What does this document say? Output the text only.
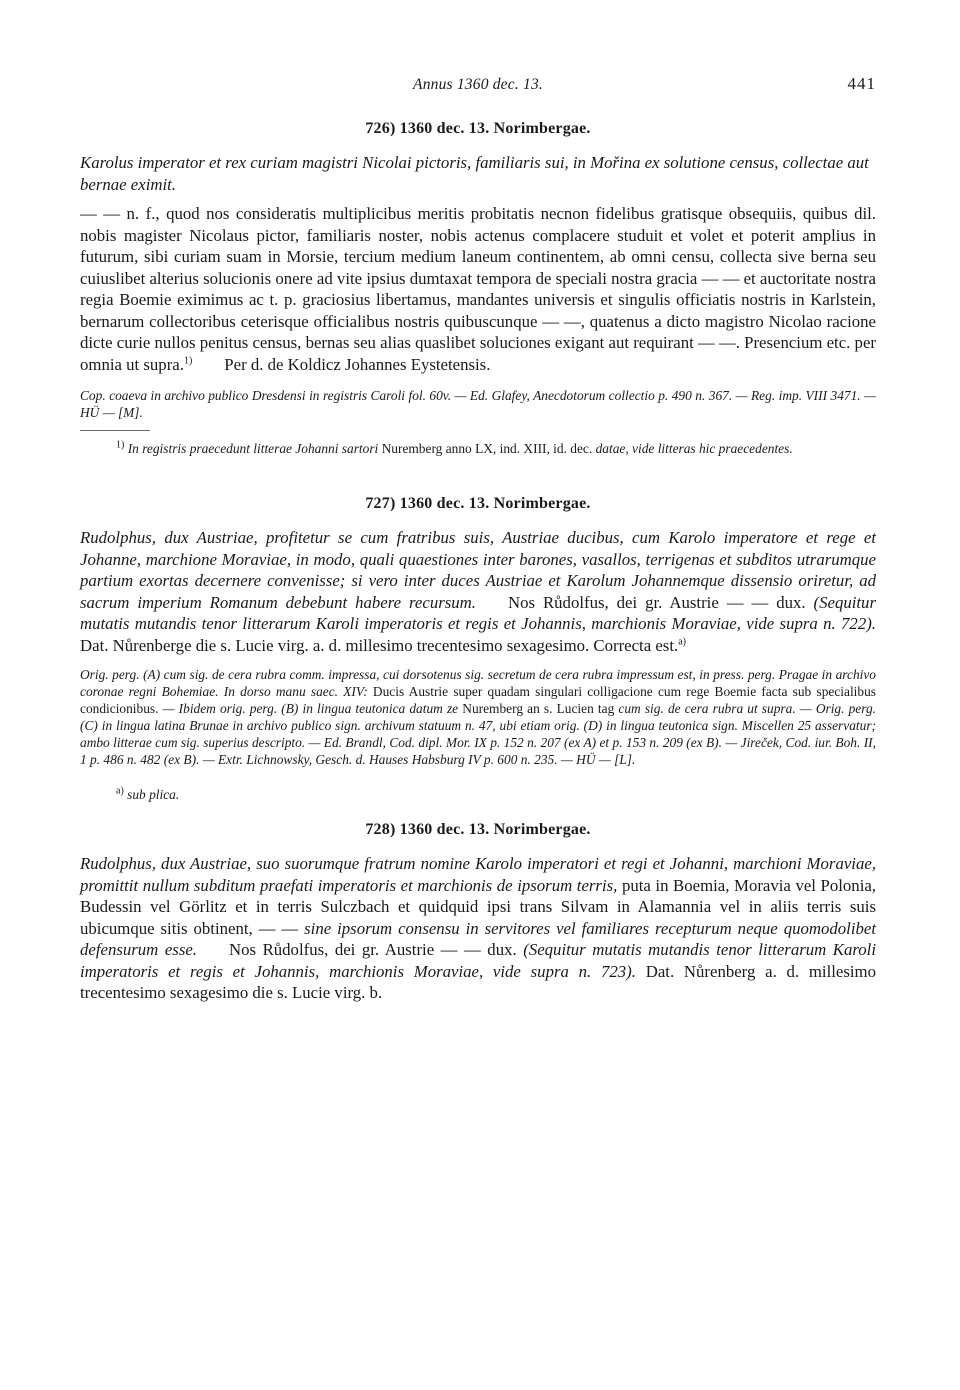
Annus 1360 dec. 13.	441

726) 1360 dec. 13. Norimbergae.

Karolus imperator et rex curiam magistri Nicolai pictoris, familiaris sui, in Mořina ex solutione census, collectae aut bernae eximit.

— — n. f., quod nos consideratis multiplicibus meritis probitatis necnon fidelibus gratisque obsequiis, quibus dil. nobis magister Nicolaus pictor, familiaris noster, nobis actenus complacere studuit et volet et poterit amplius in futurum, sibi curiam suam in Morsie, tercium medium laneum continentem, ab omni censu, collecta sive berna seu cuiuslibet alterius solucionis onere ad vite ipsius dumtaxat tempora de speciali nostra gracia — — et auctoritate nostra regia Boemie eximimus ac t. p. graciosius libertamus, mandantes universis et singulis officiatis nostris in Karlstein, bernarum collectoribus ceterisque officialibus nostris quibuscunque — —, quatenus a dicto magistro Nicolao racione dicte curie nullos penitus census, bernas seu alias quaslibet soluciones exigant aut requirant — —. Presencium etc. per omnia ut supra.$^{1)}$ Per d. de Koldicz Johannes Eystetensis.

Cop. coaeva in archivo publico Dresdensi in registris Caroli fol. 60v. — Ed. Glafey, Anecdotorum collectio p. 490 n. 367. — Reg. imp. VIII 3471. — HÜ — [M].

$^{1)}$ In registris praecedunt litterae Johanni sartori Nuremberg anno LX, ind. XIII, id. dec. datae, vide litteras hic praecedentes.

727) 1360 dec. 13. Norimbergae.

Rudolphus, dux Austriae, profitetur se cum fratribus suis, Austriae ducibus, cum Karolo imperatore et rege et Johanne, marchione Moraviae, in modo, quali quaestiones inter barones, vasallos, terrigenas et subditos utrarumque partium exortas decernere convenisse; si vero inter duces Austriae et Karolum Johannemque dissensio oriretur, ad sacrum imperium Romanum debebunt habere recursum. Nos Růdolfus, dei gr. Austrie — — dux. (Sequitur mutatis mutandis tenor litterarum Karoli imperatoris et regis et Johannis, marchionis Moraviae, vide supra n. 722). Dat. Nůrenberge die s. Lucie virg. a. d. millesimo trecentesimo sexagesimo. Correcta est.$^{a)}$

Orig. perg. (A) cum sig. de cera rubra comm. impressa, cui dorsotenus sig. secretum de cera rubra impressum est, in press. perg. Pragae in archivo coronae regni Bohemiae. In dorso manu saec. XIV: Ducis Austrie super quadam singulari colligacione cum rege Boemie facta sub specialibus condicionibus. — Ibidem orig. perg. (B) in lingua teutonica datum ze Nuremberg an s. Lucien tag cum sig. de cera rubra ut supra. — Orig. perg. (C) in lingua latina Brunae in archivo publico sign. archivum statuum n. 47, ubi etiam orig. (D) in lingua teutonica sign. Miscellen 25 asservatur; ambo litterae cum sig. superius descripto. — Ed. Brandl, Cod. dipl. Mor. IX p. 152 n. 207 (ex A) et p. 153 n. 209 (ex B). — Jireček, Cod. iur. Boh. II, 1 p. 486 n. 482 (ex B). — Extr. Lichnowsky, Gesch. d. Hauses Habsburg IV p. 600 n. 235. — HÜ — [L].

$^{a)}$ sub plica.

728) 1360 dec. 13. Norimbergae.

Rudolphus, dux Austriae, suo suorumque fratrum nomine Karolo imperatori et regi et Johanni, marchioni Moraviae, promittit nullum subditum praefati imperatoris et marchionis de ipsorum terris, puta in Boemia, Moravia vel Polonia, Budessin vel Görlitz et in terris Sulczbach et quidquid ipsi trans Silvam in Alamannia vel in aliis terris suis ubicumque sitis obtinent, — — sine ipsorum consensu in servitores vel familiares recepturum neque quomodolibet defensurum esse. Nos Růdolfus, dei gr. Austrie — — dux. (Sequitur mutatis mutandis tenor litterarum Karoli imperatoris et regis et Johannis, marchionis Moraviae, vide supra n. 723). Dat. Nůrenberg a. d. millesimo trecentesimo sexagesimo die s. Lucie virg. b.
